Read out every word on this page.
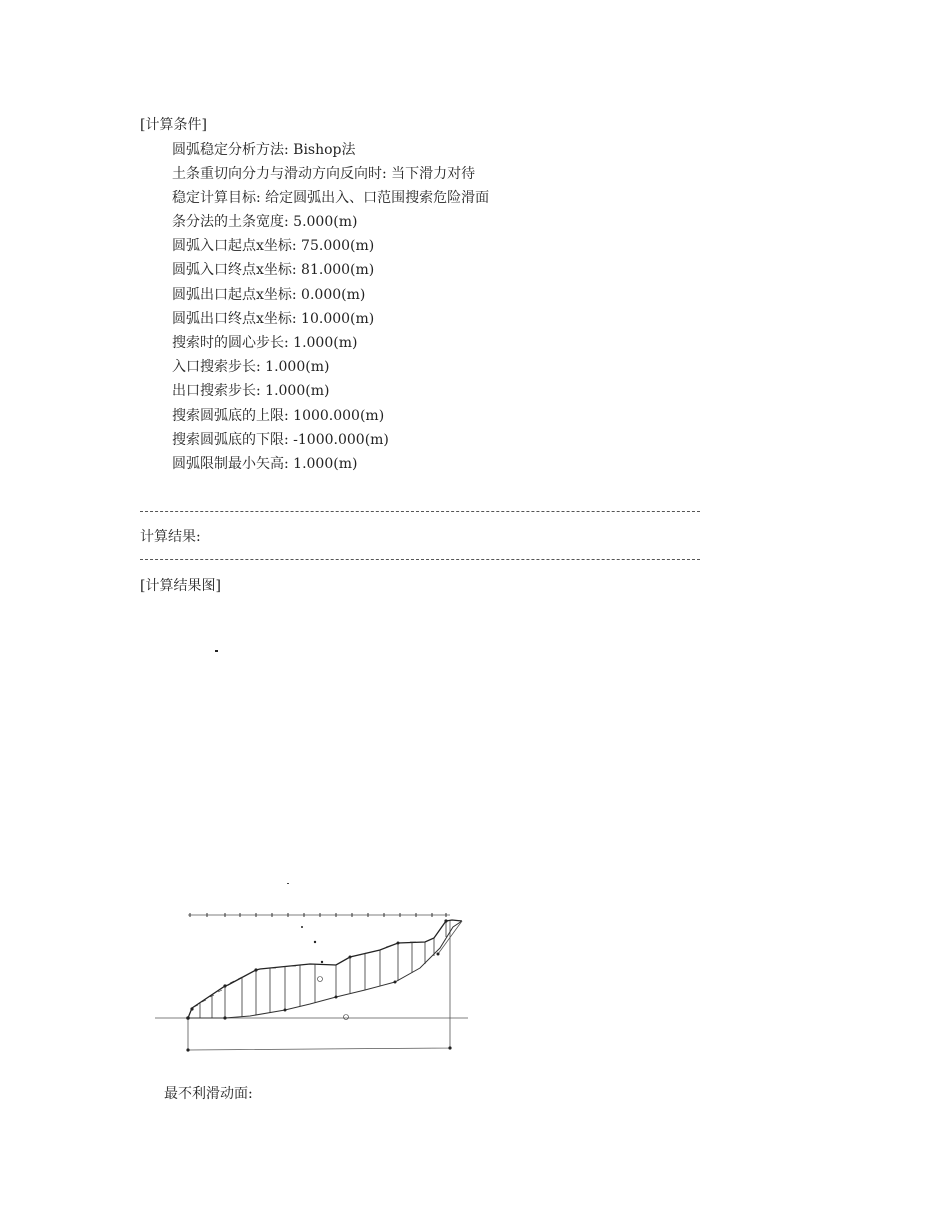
[计算条件]
圆弧稳定分析方法: Bishop法
土条重切向分力与滑动方向反向时: 当下滑力对待
稳定计算目标: 给定圆弧出入、口范围搜索危险滑面
条分法的土条宽度: 5.000(m)
圆弧入口起点x坐标: 75.000(m)
圆弧入口终点x坐标: 81.000(m)
圆弧出口起点x坐标: 0.000(m)
圆弧出口终点x坐标: 10.000(m)
搜索时的圆心步长: 1.000(m)
入口搜索步长: 1.000(m)
出口搜索步长: 1.000(m)
搜索圆弧底的上限: 1000.000(m)
搜索圆弧底的下限: -1000.000(m)
圆弧限制最小矢高: 1.000(m)
计算结果:
[计算结果图]
最不利滑动面:
